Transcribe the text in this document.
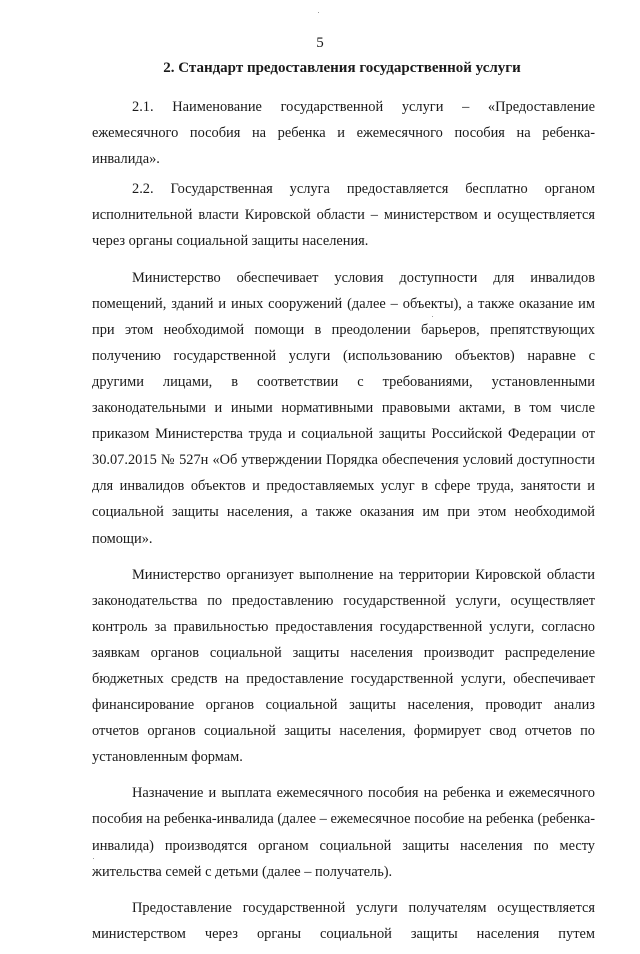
5
2. Стандарт предоставления государственной услуги

2.1. Наименование государственной услуги – «Предоставление ежемесячного пособия на ребенка и ежемесячного пособия на ребенка-инвалида».

2.2. Государственная услуга предоставляется бесплатно органом исполнительной власти Кировской области – министерством и осуществляется через органы социальной защиты населения.

Министерство обеспечивает условия доступности для инвалидов помещений, зданий и иных сооружений (далее – объекты), а также оказание им при этом необходимой помощи в преодолении барьеров, препятствующих получению государственной услуги (использованию объектов) наравне с другими лицами, в соответствии с требованиями, установленными законодательными и иными нормативными правовыми актами, в том числе приказом Министерства труда и социальной защиты Российской Федерации от 30.07.2015 № 527н «Об утверждении Порядка обеспечения условий доступности для инвалидов объектов и предоставляемых услуг в сфере труда, занятости и социальной защиты населения, а также оказания им при этом необходимой помощи».

Министерство организует выполнение на территории Кировской области законодательства по предоставлению государственной услуги, осуществляет контроль за правильностью предоставления государственной услуги, согласно заявкам органов социальной защиты населения производит распределение бюджетных средств на предоставление государственной услуги, обеспечивает финансирование органов социальной защиты населения, проводит анализ отчетов органов социальной защиты населения, формирует свод отчетов по установленным формам.

Назначение и выплата ежемесячного пособия на ребенка и ежемесячного пособия на ребенка-инвалида (далее – ежемесячное пособие на ребенка (ребенка-инвалида) производятся органом социальной защиты населения по месту жительства семей с детьми (далее – получатель).

Предоставление государственной услуги получателям осуществляется министерством через органы социальной защиты населения путем
